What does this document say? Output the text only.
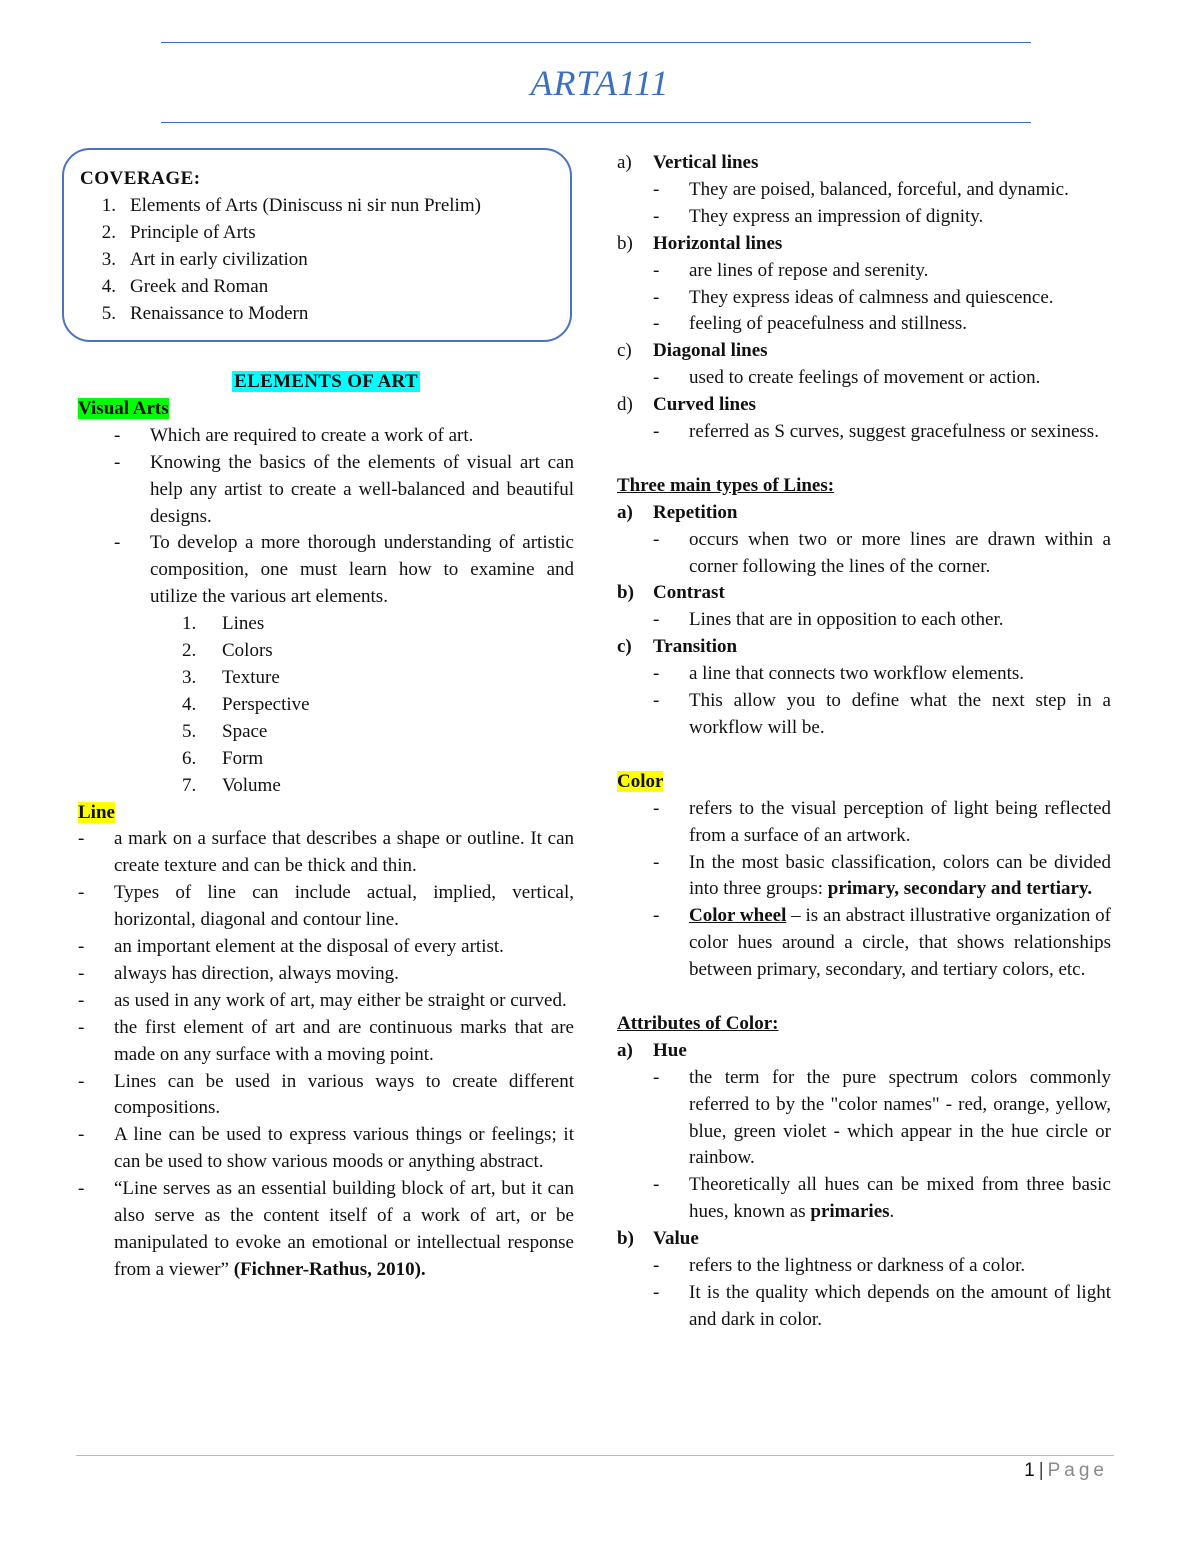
ARTA111
COVERAGE:
1. Elements of Arts (Diniscuss ni sir nun Prelim)
2. Principle of Arts
3. Art in early civilization
4. Greek and Roman
5. Renaissance to Modern
ELEMENTS OF ART
Visual Arts
-	Which are required to create a work of art.
-	Knowing the basics of the elements of visual art can help any artist to create a well-balanced and beautiful designs.
-	To develop a more thorough understanding of artistic composition, one must learn how to examine and utilize the various art elements.
1.	Lines
2.	Colors
3.	Texture
4.	Perspective
5.	Space
6.	Form
7.	Volume
Line
-	a mark on a surface that describes a shape or outline. It can create texture and can be thick and thin.
-	Types of line can include actual, implied, vertical, horizontal, diagonal and contour line.
-	an important element at the disposal of every artist.
-	always has direction, always moving.
-	as used in any work of art, may either be straight or curved.
-	the first element of art and are continuous marks that are made on any surface with a moving point.
-	Lines can be used in various ways to create different compositions.
-	A line can be used to express various things or feelings; it can be used to show various moods or anything abstract.
-	“Line serves as an essential building block of art, but it can also serve as the content itself of a work of art, or be manipulated to evoke an emotional or intellectual response from a viewer” (Fichner-Rathus, 2010).
a)	Vertical lines
-	They are poised, balanced, forceful, and dynamic.
-	They express an impression of dignity.
b)	Horizontal lines
-	are lines of repose and serenity.
-	They express ideas of calmness and quiescence.
-	feeling of peacefulness and stillness.
c)	Diagonal lines
-	used to create feelings of movement or action.
d)	Curved lines
-	referred as S curves, suggest gracefulness or sexiness.
Three main types of Lines:
a)	Repetition
-	occurs when two or more lines are drawn within a corner following the lines of the corner.
b)	Contrast
-	Lines that are in opposition to each other.
c)	Transition
-	a line that connects two workflow elements.
-	This allow you to define what the next step in a workflow will be.
Color
-	refers to the visual perception of light being reflected from a surface of an artwork.
-	In the most basic classification, colors can be divided into three groups: primary, secondary and tertiary.
-	Color wheel – is an abstract illustrative organization of color hues around a circle, that shows relationships between primary, secondary, and tertiary colors, etc.
Attributes of Color:
a)	Hue
-	the term for the pure spectrum colors commonly referred to by the "color names" - red, orange, yellow, blue, green violet - which appear in the hue circle or rainbow.
-	Theoretically all hues can be mixed from three basic hues, known as primaries.
b)	Value
-	refers to the lightness or darkness of a color.
-	It is the quality which depends on the amount of light and dark in color.
1 | Page
